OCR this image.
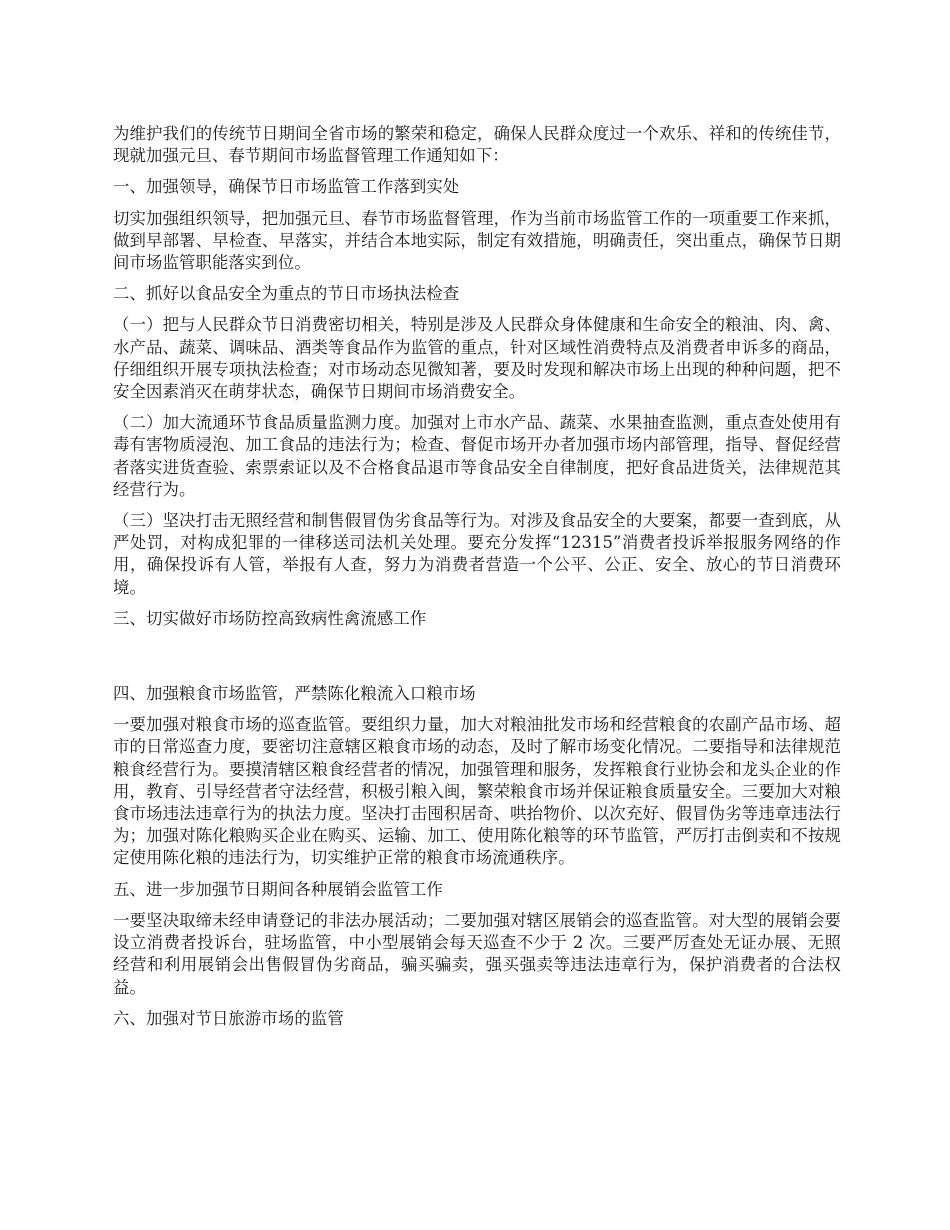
为维护我们的传统节日期间全省市场的繁荣和稳定，确保人民群众度过一个欢乐、祥和的传统佳节，现就加强元旦、春节期间市场监督管理工作通知如下：

一、加强领导，确保节日市场监管工作落到实处

切实加强组织领导，把加强元旦、春节市场监督管理，作为当前市场监管工作的一项重要工作来抓，做到早部署、早检查、早落实，并结合本地实际，制定有效措施，明确责任，突出重点，确保节日期间市场监管职能落实到位。

二、抓好以食品安全为重点的节日市场执法检查

（一）把与人民群众节日消费密切相关，特别是涉及人民群众身体健康和生命安全的粮油、肉、禽、水产品、蔬菜、调味品、酒类等食品作为监管的重点，针对区域性消费特点及消费者申诉多的商品，仔细组织开展专项执法检查；对市场动态见微知著，要及时发现和解决市场上出现的种种问题，把不安全因素消灭在萌芽状态，确保节日期间市场消费安全。

（二）加大流通环节食品质量监测力度。加强对上市水产品、蔬菜、水果抽查监测，重点查处使用有毒有害物质浸泡、加工食品的违法行为；检查、督促市场开办者加强市场内部管理，指导、督促经营者落实进货查验、索票索证以及不合格食品退市等食品安全自律制度，把好食品进货关，法律规范其经营行为。

（三）坚决打击无照经营和制售假冒伪劣食品等行为。对涉及食品安全的大要案，都要一查到底，从严处罚，对构成犯罪的一律移送司法机关处理。要充分发挥“12315”消费者投诉举报服务网络的作用，确保投诉有人管，举报有人查，努力为消费者营造一个公平、公正、安全、放心的节日消费环境。

三、切实做好市场防控高致病性禽流感工作

四、加强粮食市场监管，严禁陈化粮流入口粮市场

一要加强对粮食市场的巡查监管。要组织力量，加大对粮油批发市场和经营粮食的农副产品市场、超市的日常巡查力度，要密切注意辖区粮食市场的动态，及时了解市场变化情况。二要指导和法律规范粮食经营行为。要摸清辖区粮食经营者的情况，加强管理和服务，发挥粮食行业协会和龙头企业的作用，教育、引导经营者守法经营，积极引粮入闽，繁荣粮食市场并保证粮食质量安全。三要加大对粮食市场违法违章行为的执法力度。坚决打击囤积居奇、哄抬物价、以次充好、假冒伪劣等违章违法行为；加强对陈化粮购买企业在购买、运输、加工、使用陈化粮等的环节监管，严厉打击倒卖和不按规定使用陈化粮的违法行为，切实维护正常的粮食市场流通秩序。

五、进一步加强节日期间各种展销会监管工作

一要坚决取缔未经申请登记的非法办展活动；二要加强对辖区展销会的巡查监管。对大型的展销会要设立消费者投诉台，驻场监管，中小型展销会每天巡查不少于 2 次。三要严厉查处无证办展、无照经营和利用展销会出售假冒伪劣商品，骗买骗卖，强买强卖等违法违章行为，保护消费者的合法权益。

六、加强对节日旅游市场的监管
